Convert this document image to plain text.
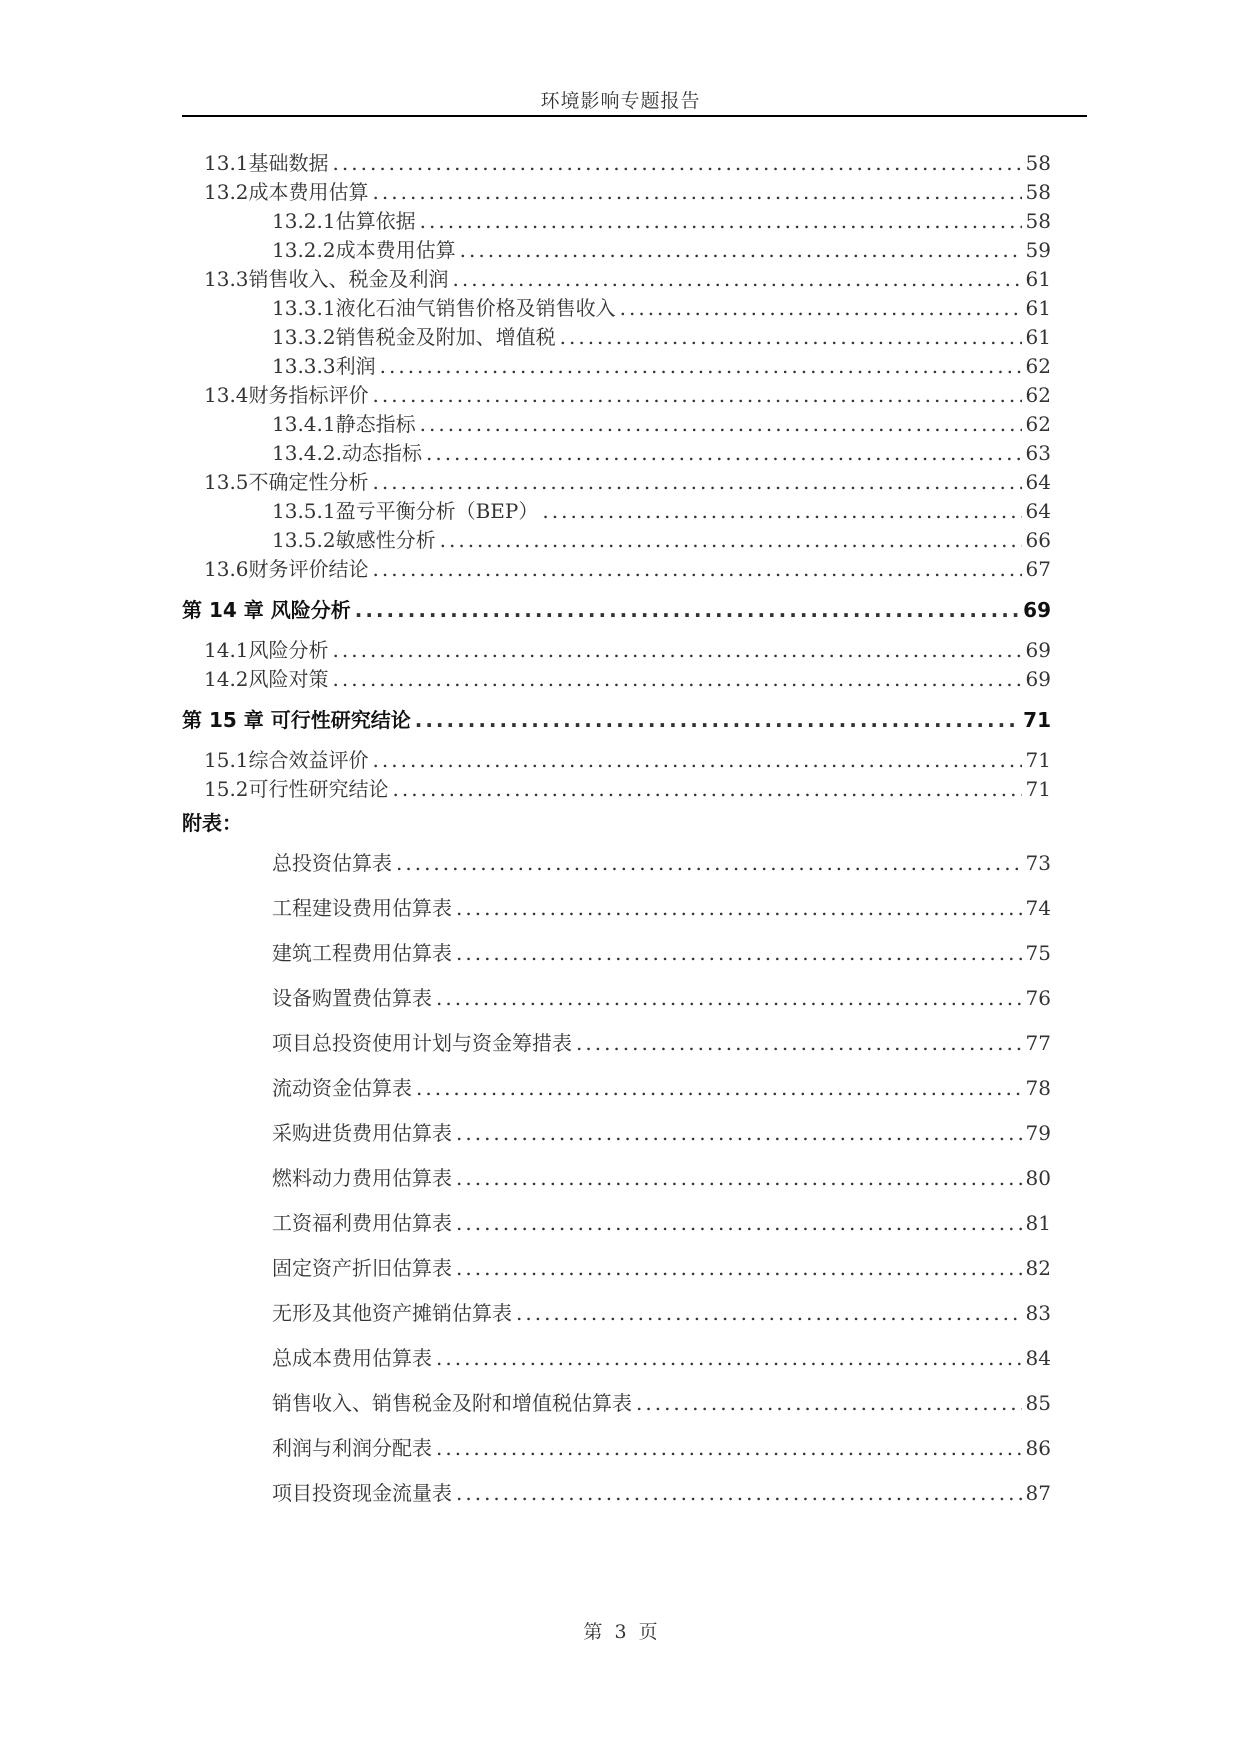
环境影响专题报告
13.1基础数据 .....	58
13.2成本费用估算 .....	58
13.2.1估算依据 .....	58
13.2.2成本费用估算 .....	59
13.3销售收入、税金及利润 .....	61
13.3.1液化石油气销售价格及销售收入 .....	61
13.3.2销售税金及附加、增值税 .....	61
13.3.3利润 .....	62
13.4财务指标评价 .....	62
13.4.1静态指标 .....	62
13.4.2.动态指标 .....	63
13.5不确定性分析 .....	64
13.5.1盈亏平衡分析（BEP） .....	64
13.5.2敏感性分析 .....	66
13.6财务评价结论 .....	67
第 14 章 风险分析 .....	69
14.1风险分析 .....	69
14.2风险对策 .....	69
第 15 章 可行性研究结论 .....	71
15.1综合效益评价 .....	71
15.2可行性研究结论 .....	71
附表：
总投资估算表 .....	73
工程建设费用估算表 .....	74
建筑工程费用估算表 .....	75
设备购置费估算表 .....	76
项目总投资使用计划与资金筹措表 .....	77
流动资金估算表 .....	78
采购进货费用估算表 .....	79
燃料动力费用估算表 .....	80
工资福利费用估算表 .....	81
固定资产折旧估算表 .....	82
无形及其他资产摊销估算表 .....	83
总成本费用估算表 .....	84
销售收入、销售税金及附和增值税估算表 .....	85
利润与利润分配表 .....	86
项目投资现金流量表 .....	87
第 3 页
